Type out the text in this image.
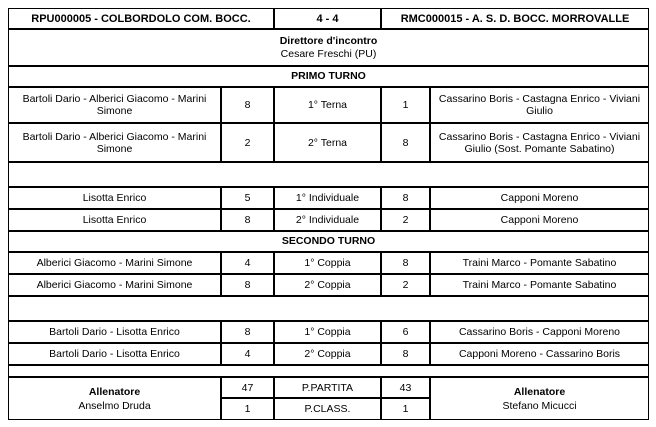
RPU000005 - COLBORDOLO COM. BOCC.	4 - 4	RMC000015 - A. S. D. BOCC. MORROVALLE
Direttore d'incontro
Cesare Freschi (PU)
PRIMO TURNO
Bartoli Dario - Alberici Giacomo - Marini Simone	8	1° Terna	1	Cassarino Boris - Castagna Enrico - Viviani Giulio
Bartoli Dario - Alberici Giacomo - Marini Simone	2	2° Terna	8	Cassarino Boris - Castagna Enrico - Viviani Giulio (Sost. Pomante Sabatino)
Lisotta Enrico	5	1° Individuale	8	Capponi Moreno
Lisotta Enrico	8	2° Individuale	2	Capponi Moreno
SECONDO TURNO
Alberici Giacomo - Marini Simone	4	1° Coppia	8	Traini Marco - Pomante Sabatino
Alberici Giacomo - Marini Simone	8	2° Coppia	2	Traini Marco - Pomante Sabatino
Bartoli Dario - Lisotta Enrico	8	1° Coppia	6	Cassarino Boris - Capponi Moreno
Bartoli Dario - Lisotta Enrico	4	2° Coppia	8	Capponi Moreno - Cassarino Boris
Allenatore
Anselmo Druda
47	P.PARTITA	43
1	P.CLASS.	1
Allenatore
Stefano Micucci
